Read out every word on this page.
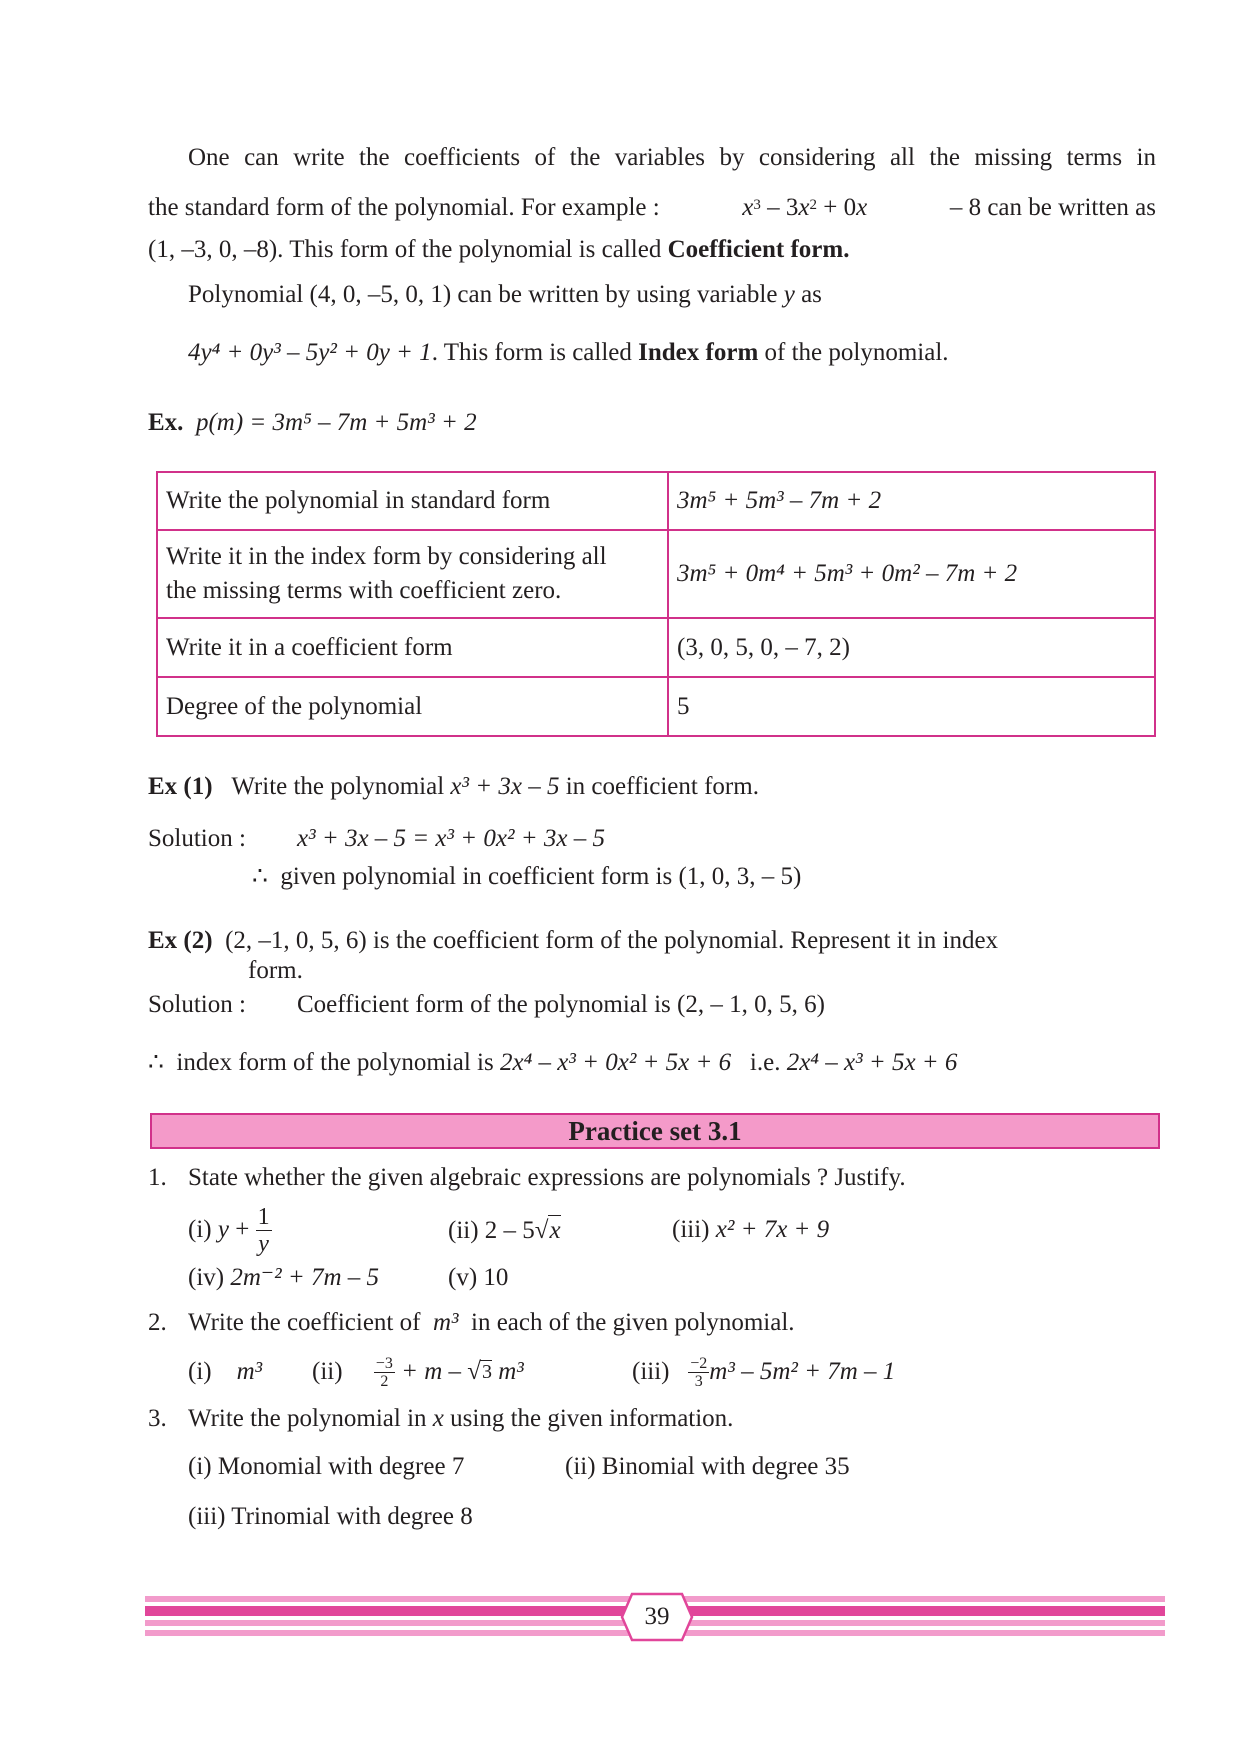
One can write the coefficients of the variables by considering all the missing terms in
the standard form of the polynomial. For example :	$x^3 - 3x^2 + 0x$	– 8 can be written as
(1, –3, 0, –8). This form of the polynomial is called Coefficient form.
Polynomial (4, 0, –5, 0, 1) can be written by using variable y as
4y⁴ + 0y³ – 5y² + 0y + 1. This form is called Index form of the polynomial.
Ex. p(m) = 3m⁵ – 7m + 5m³ + 2
Write the polynomial in standard form	3m⁵ + 5m³ – 7m + 2

Write it in the index form by considering all
the missing terms with coefficient zero.	3m⁵ + 0m⁴ + 5m³ + 0m² – 7m + 2
Write it in a coefficient form	(3, 0, 5, 0, – 7, 2)
Degree of the polynomial	5
Ex (1) Write the polynomial x³ + 3x – 5 in coefficient form.
Solution : x³ + 3x – 5 = x³ + 0x² + 3x – 5
∴ given polynomial in coefficient form is (1, 0, 3, – 5)
Ex (2) (2, –1, 0, 5, 6) is the coefficient form of the polynomial. Represent it in index
form.
Solution : Coefficient form of the polynomial is (2, – 1, 0, 5, 6)
∴ index form of the polynomial is 2x⁴ – x³ + 0x² + 5x + 6 i.e. 2x⁴ – x³ + 5x + 6
Practice set 3.1
1. State whether the given algebraic expressions are polynomials ? Justify.
(i)
y
+
$\frac{1}{y}$	(ii) 2 – 5√x	(iii) x² + 7x + 9
(iv) 2m⁻² + 7m – 5	(v) 10
2. Write the coefficient of  m³  in each of the given polynomial.
(i) m³ (ii)
$\frac{-3}{2}$
+ m –
√ 3
m³	(iii)
$\frac{-2}{3} m^3 - 5m^2 + 7m - 1$
3. Write the polynomial in x using the given information.
(i) Monomial with degree 7	(ii) Binomial with degree 35
(iii) Trinomial with degree 8
39
